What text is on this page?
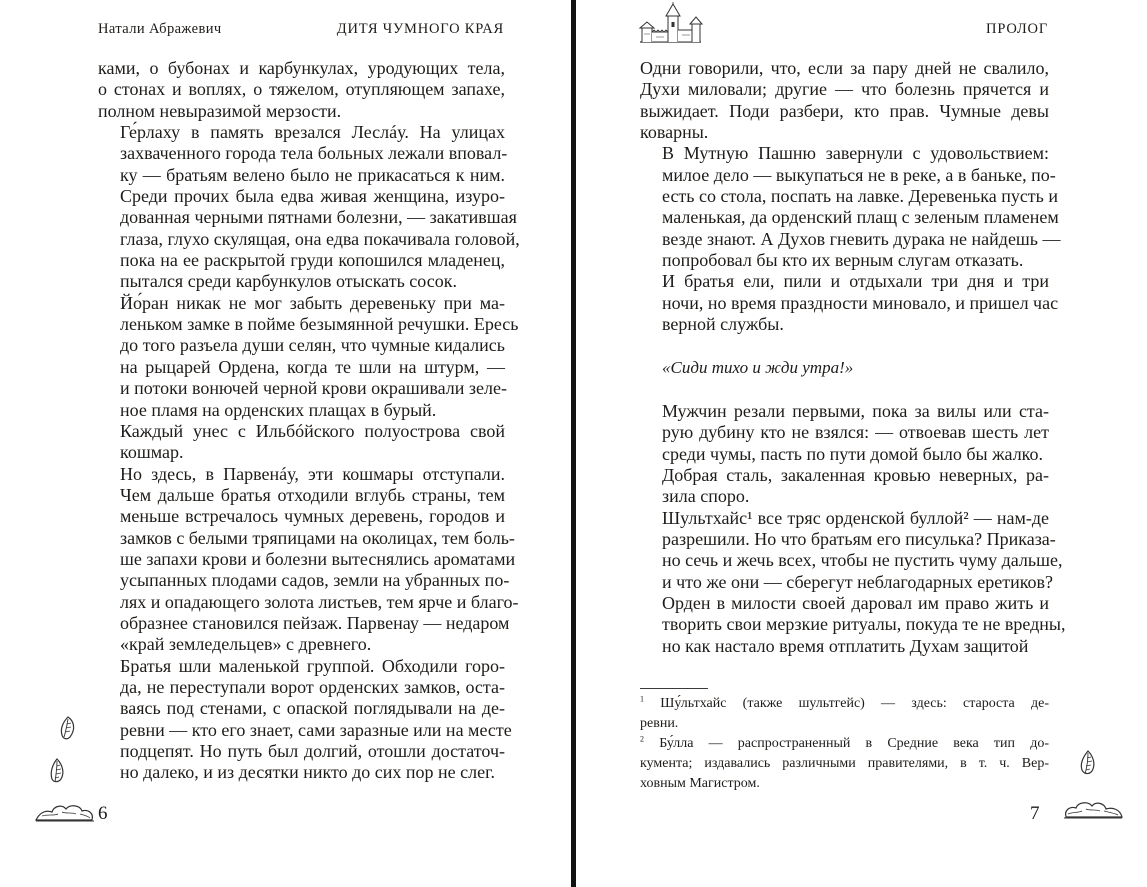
Натали Абражевич	ДИТЯ ЧУМНОГО КРАЯ

ками, о бубонах и карбункулах, уродующих тела,
о стонах и воплях, о тяжелом, отупляющем запахе,
полном невыразимой мерзости.

Ге́рлаху в память врезался Леслáу. На улицах
захваченного города тела больных лежали вповал-
ку — братьям велено было не прикасаться к ним.
Среди прочих была едва живая женщина, изуро-
дованная черными пятнами болезни, — закатившая
глаза, глухо скулящая, она едва покачивала головой,
пока на ее раскрытой груди копошился младенец,
пытался среди карбункулов отыскать сосок.

Йо́ран никак не мог забыть деревеньку при ма-
леньком замке в пойме безымянной речушки. Ересь
до того разъела души селян, что чумные кидались
на рыцарей Ордена, когда те шли на штурм, —
и потоки вонючей черной крови окрашивали зеле-
ное пламя на орденских плащах в бурый.

Каждый унес с Ильбóйского полуострова свой
кошмар.

Но здесь, в Парвенáу, эти кошмары отступали.
Чем дальше братья отходили вглубь страны, тем
меньше встречалось чумных деревень, городов и
замков с белыми тряпицами на околицах, тем боль-
ше запахи крови и болезни вытеснялись ароматами
усыпанных плодами садов, земли на убранных по-
лях и опадающего золота листьев, тем ярче и благо-
образнее становился пейзаж. Парвенау — недаром
«край земледельцев» с древнего.

Братья шли маленькой группой. Обходили горо-
да, не переступали ворот орденских замков, оста-
ваясь под стенами, с опаской поглядывали на де-
ревни — кто его знает, сами заразные или на месте
подцепят. Но путь был долгий, отошли достаточ-
но далеко, и из десятки никто до сих пор не слег.

6
ПРОЛОГ

Одни говорили, что, если за пару дней не свалило,
Духи миловали; другие — что болезнь прячется и
выжидает. Поди разбери, кто прав. Чумные девы
коварны.

В Мутную Пашню завернули с удовольствием:
милое дело — выкупаться не в реке, а в баньке, по-
есть со стола, поспать на лавке. Деревенька пусть и
маленькая, да орденский плащ с зеленым пламенем
везде знают. А Духов гневить дурака не найдешь —
попробовал бы кто их верным слугам отказать.

И братья ели, пили и отдыхали три дня и три
ночи, но время праздности миновало, и пришел час
верной службы.

«Сиди тихо и жди утра!»

Мужчин резали первыми, пока за вилы или ста-
рую дубину кто не взялся: — отвоевав шесть лет
среди чумы, пасть по пути домой было бы жалко.

Добрая сталь, закаленная кровью неверных, ра-
зила споро.

Шультхайс¹ все тряс орденской буллой² — нам-де
разрешили. Но что братьям его писулька? Приказа-
но сечь и жечь всех, чтобы не пустить чуму дальше,
и что же они — сберегут неблагодарных еретиков?
Орден в милости своей даровал им право жить и
творить свои мерзкие ритуалы, покуда те не вредны,
но как настало время отплатить Духам защитой

$^1$ Шу́льтхайс (также шультгейс) — здесь: староста де-
ревни.
$^2$ Бу́лла — распространенный в Средние века тип до-
кумента; издавались различными правителями, в т. ч. Вер-
ховным Магистром.
7
